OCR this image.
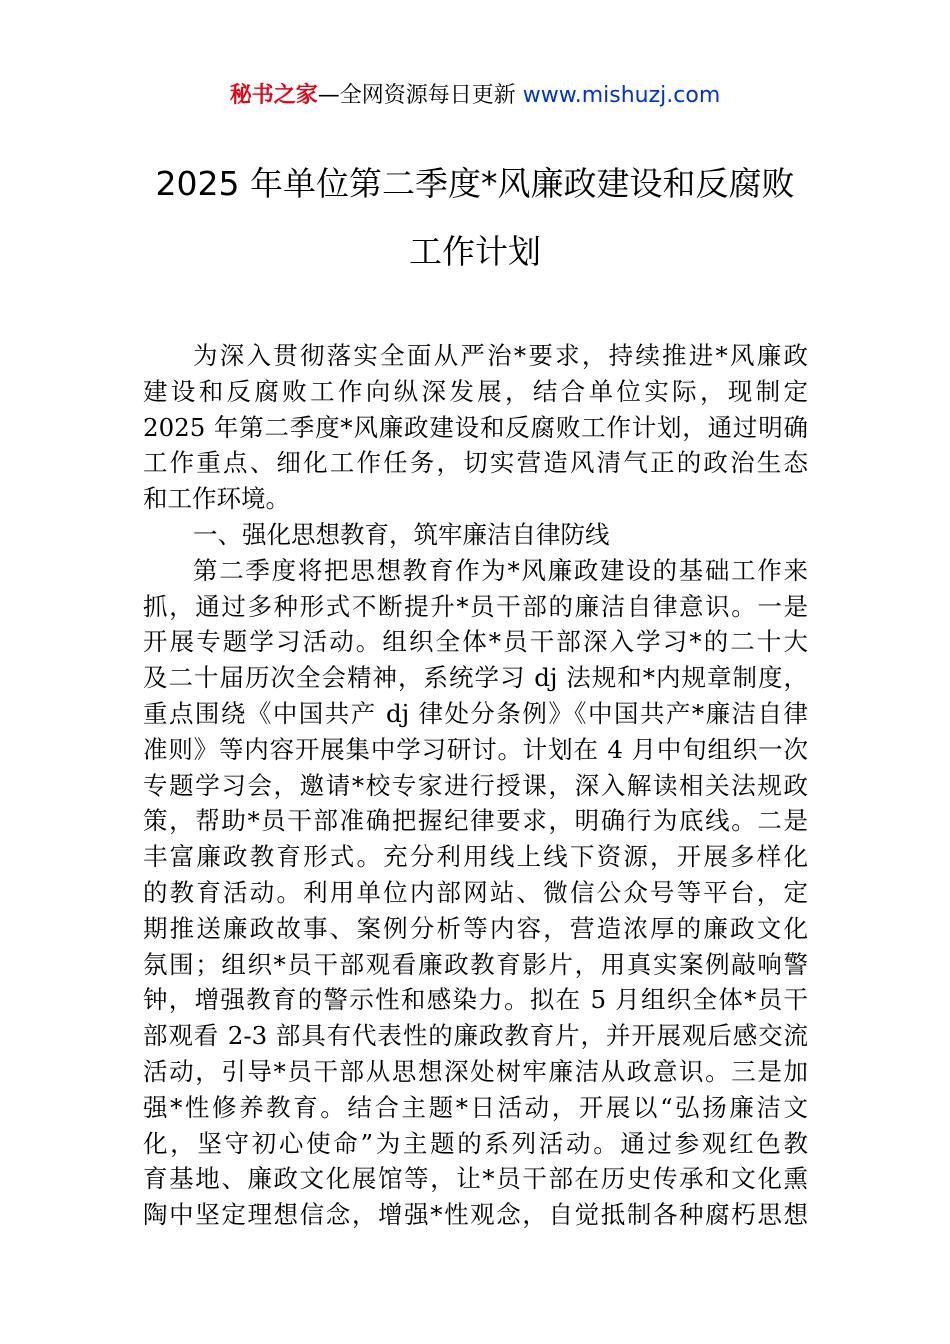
秘书之家—全网资源每日更新 www.mishuzj.com
2025 年单位第二季度*风廉政建设和反腐败
工作计划
为深入贯彻落实全面从严治*要求，持续推进*风廉政
建设和反腐败工作向纵深发展，结合单位实际，现制定
2025 年第二季度*风廉政建设和反腐败工作计划，通过明确
工作重点、细化工作任务，切实营造风清气正的政治生态
和工作环境。
一、强化思想教育，筑牢廉洁自律防线
第二季度将把思想教育作为*风廉政建设的基础工作来
抓，通过多种形式不断提升*员干部的廉洁自律意识。一是
开展专题学习活动。组织全体*员干部深入学习*的二十大
及二十届历次全会精神，系统学习 dj 法规和*内规章制度，
重点围绕《中国共产 dj 律处分条例》《中国共产*廉洁自律
准则》等内容开展集中学习研讨。计划在 4 月中旬组织一次
专题学习会，邀请*校专家进行授课，深入解读相关法规政
策，帮助*员干部准确把握纪律要求，明确行为底线。二是
丰富廉政教育形式。充分利用线上线下资源，开展多样化
的教育活动。利用单位内部网站、微信公众号等平台，定
期推送廉政故事、案例分析等内容，营造浓厚的廉政文化
氛围；组织*员干部观看廉政教育影片，用真实案例敲响警
钟，增强教育的警示性和感染力。拟在 5 月组织全体*员干
部观看 2-3 部具有代表性的廉政教育片，并开展观后感交流
活动，引导*员干部从思想深处树牢廉洁从政意识。三是加
强*性修养教育。结合主题*日活动，开展以“弘扬廉洁文
化，坚守初心使命”为主题的系列活动。通过参观红色教
育基地、廉政文化展馆等，让*员干部在历史传承和文化熏
陶中坚定理想信念，增强*性观念，自觉抵制各种腐朽思想
